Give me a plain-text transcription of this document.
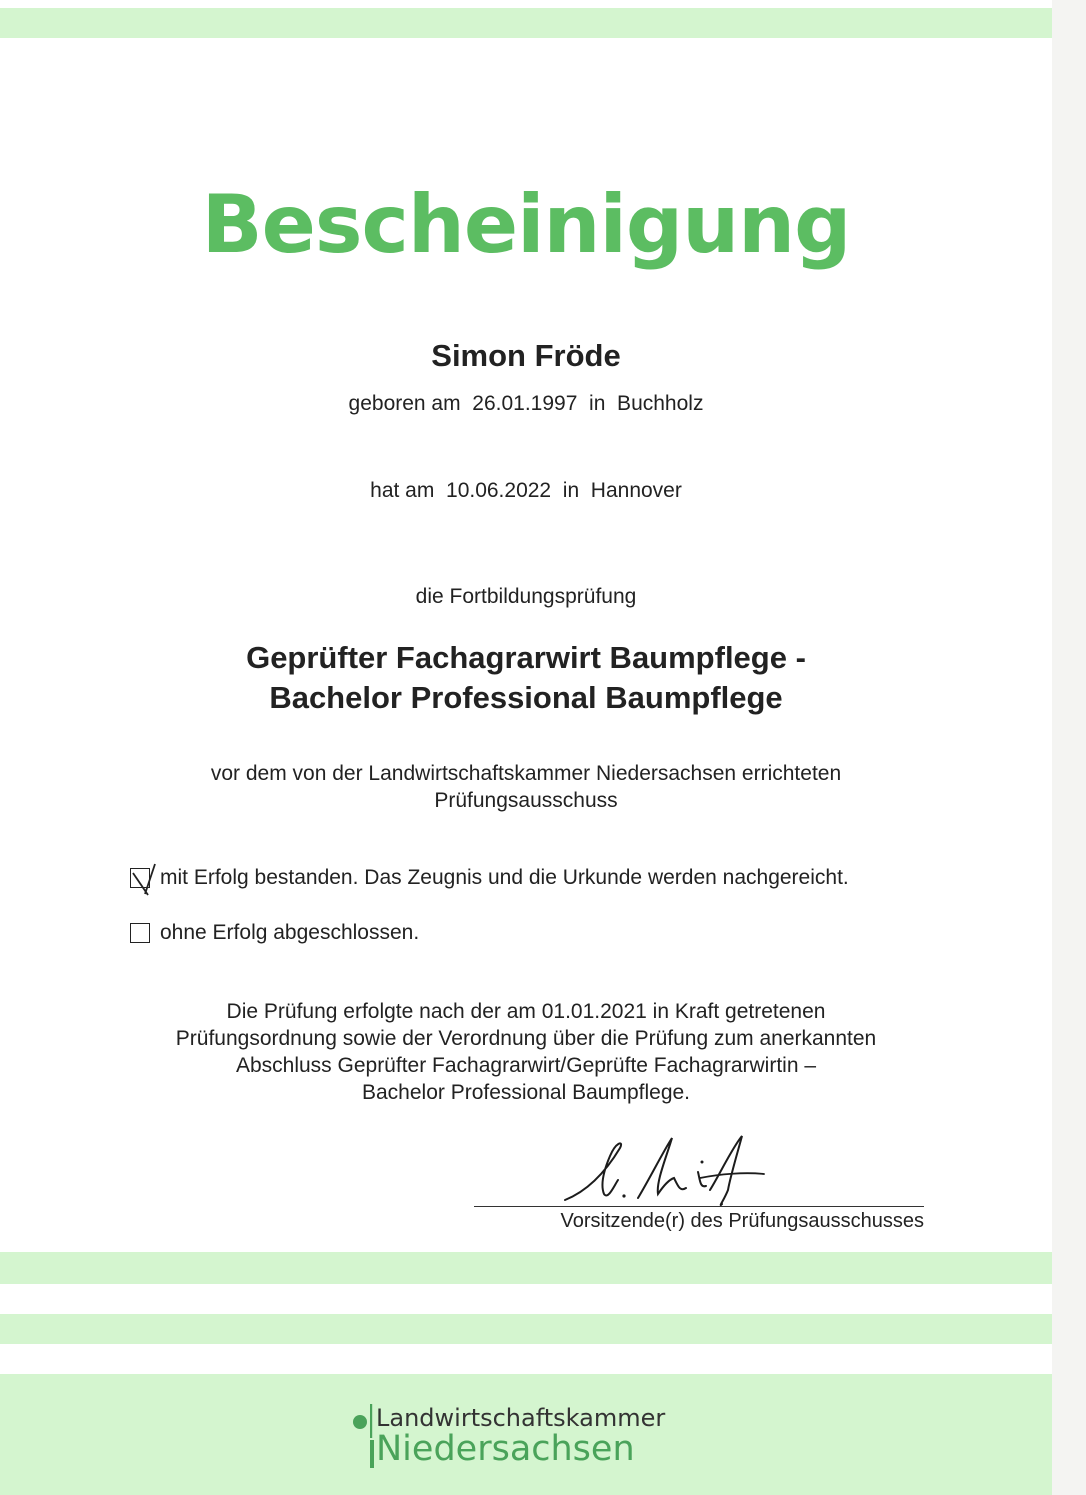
Bescheinigung
Simon Fröde
geboren am  26.01.1997  in  Buchholz
hat am  10.06.2022  in  Hannover
die Fortbildungsprüfung
Geprüfter Fachagrarwirt Baumpflege -
Bachelor Professional Baumpflege
vor dem von der Landwirtschaftskammer Niedersachsen errichteten
Prüfungsausschuss
mit Erfolg bestanden. Das Zeugnis und die Urkunde werden nachgereicht.
ohne Erfolg abgeschlossen.
Die Prüfung erfolgte nach der am 01.01.2021 in Kraft getretenen
Prüfungsordnung sowie der Verordnung über die Prüfung zum anerkannten
Abschluss Geprüfter Fachagrarwirt/Geprüfte Fachagrarwirtin –
Bachelor Professional Baumpflege.
Vorsitzende(r) des Prüfungsausschusses
Landwirtschaftskammer
Niedersachsen
